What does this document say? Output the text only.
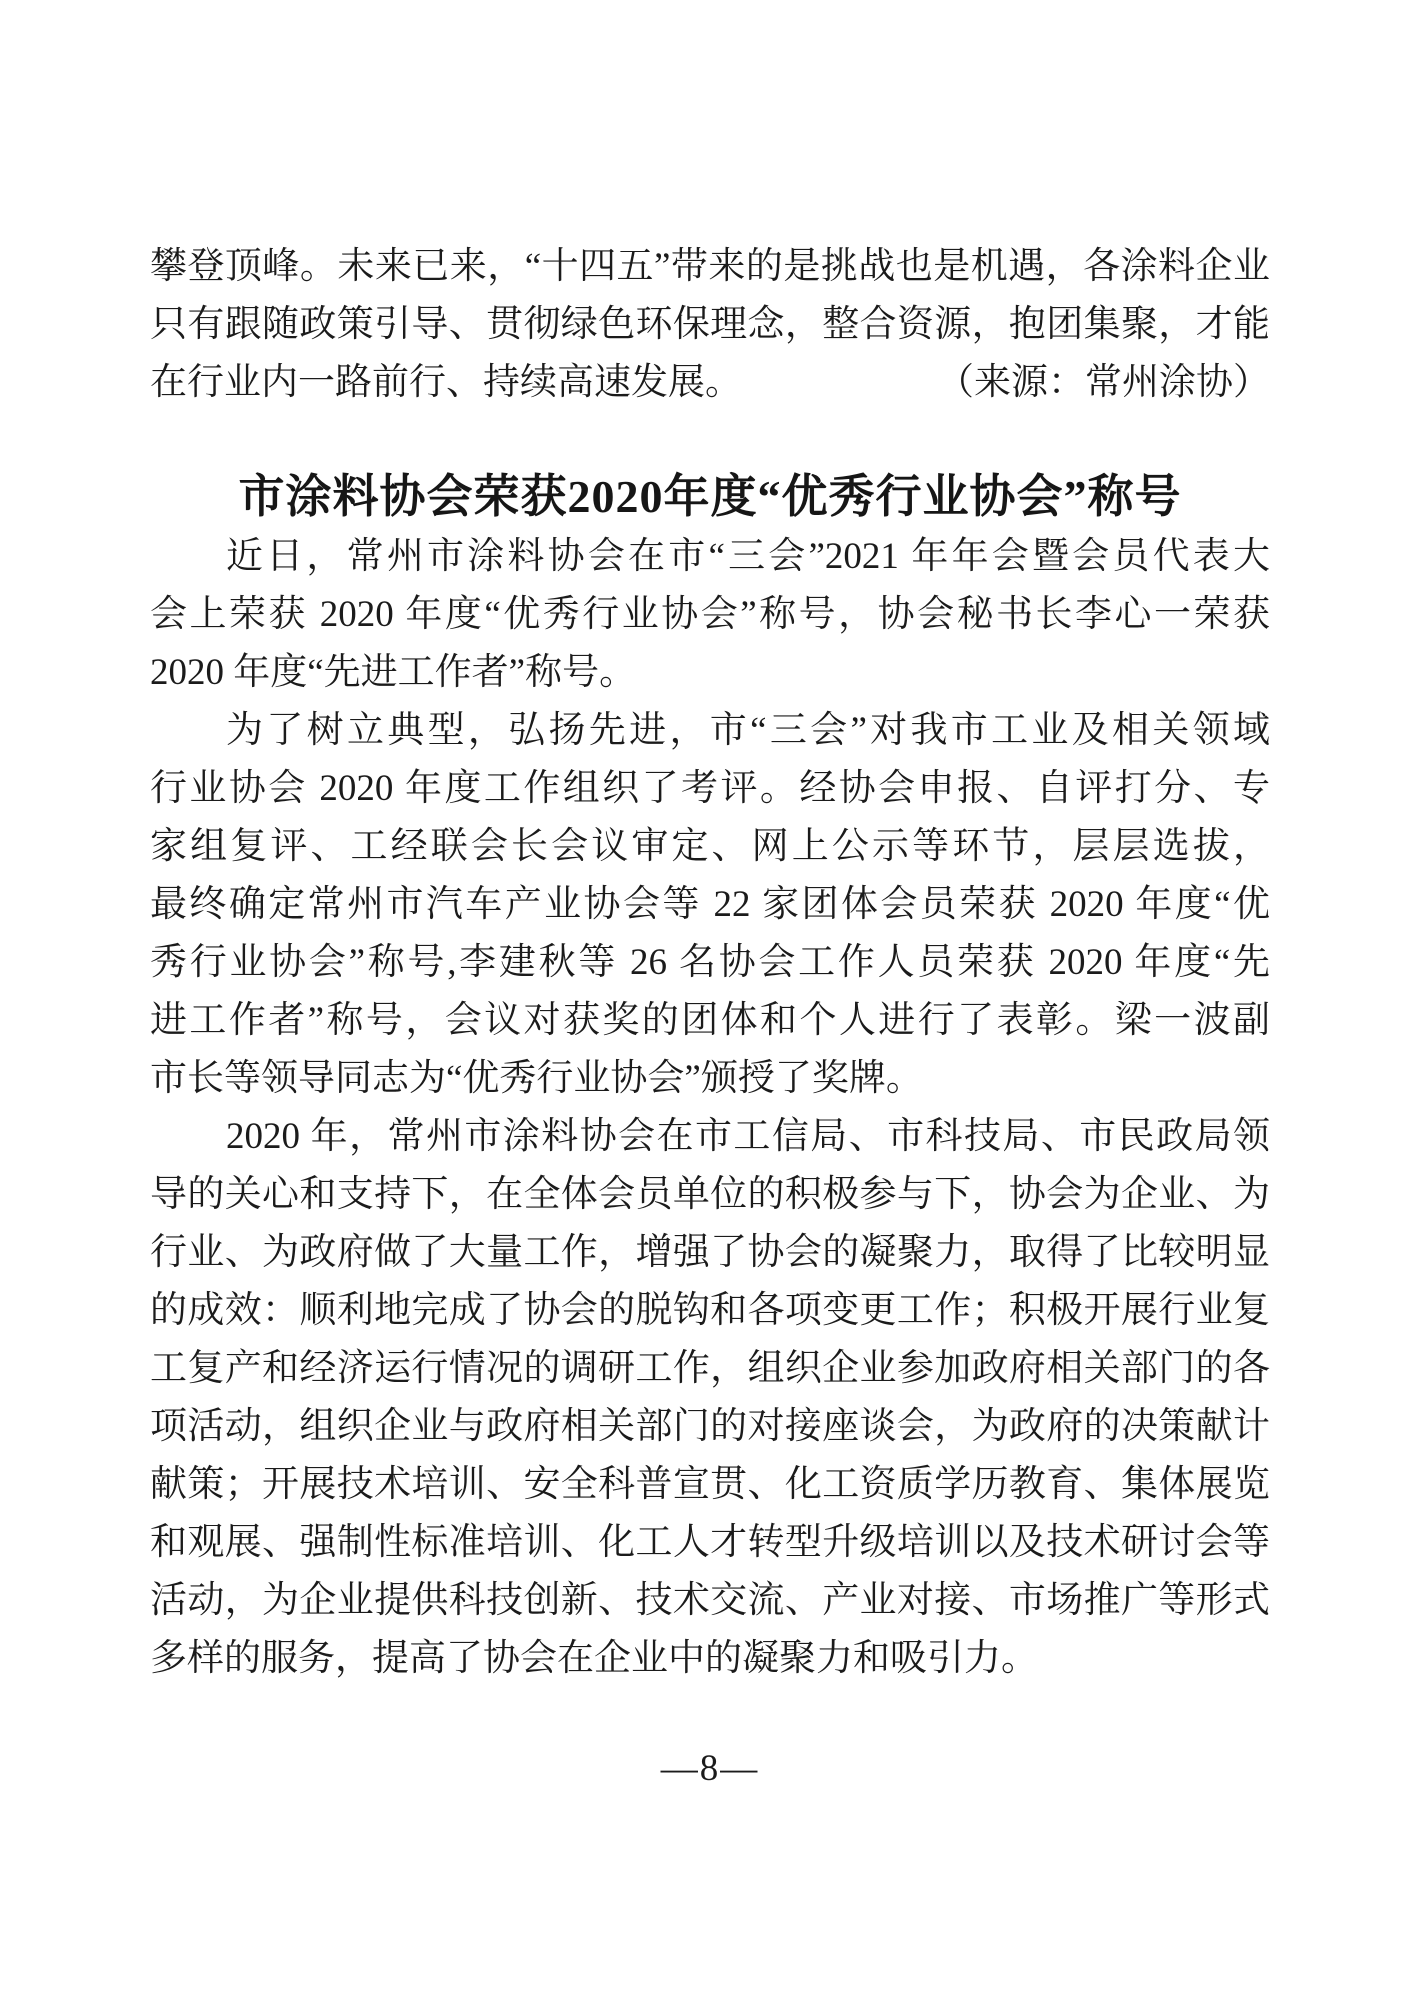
攀登顶峰。未来已来，“十四五”带来的是挑战也是机遇，各涂料企业
只有跟随政策引导、贯彻绿色环保理念，整合资源，抱团集聚，才能
在行业内一路前行、持续高速发展。	（来源：常州涂协）
市涂料协会荣获2020年度“优秀行业协会”称号
近日，常州市涂料协会在市“三会”2021 年年会暨会员代表大
会上荣获 2020 年度“优秀行业协会”称号，协会秘书长李心一荣获
2020 年度“先进工作者”称号。
为了树立典型，弘扬先进，市“三会”对我市工业及相关领域
行业协会 2020 年度工作组织了考评。经协会申报、自评打分、专
家组复评、工经联会长会议审定、网上公示等环节，层层选拔，
最终确定常州市汽车产业协会等 22 家团体会员荣获 2020 年度“优
秀行业协会”称号,李建秋等 26 名协会工作人员荣获 2020 年度“先
进工作者”称号，会议对获奖的团体和个人进行了表彰。梁一波副
市长等领导同志为“优秀行业协会”颁授了奖牌。
2020 年，常州市涂料协会在市工信局、市科技局、市民政局领
导的关心和支持下，在全体会员单位的积极参与下，协会为企业、为
行业、为政府做了大量工作，增强了协会的凝聚力，取得了比较明显
的成效：顺利地完成了协会的脱钩和各项变更工作；积极开展行业复
工复产和经济运行情况的调研工作，组织企业参加政府相关部门的各
项活动，组织企业与政府相关部门的对接座谈会，为政府的决策献计
献策；开展技术培训、安全科普宣贯、化工资质学历教育、集体展览
和观展、强制性标准培训、化工人才转型升级培训以及技术研讨会等
活动，为企业提供科技创新、技术交流、产业对接、市场推广等形式
多样的服务，提高了协会在企业中的凝聚力和吸引力。
—8—
